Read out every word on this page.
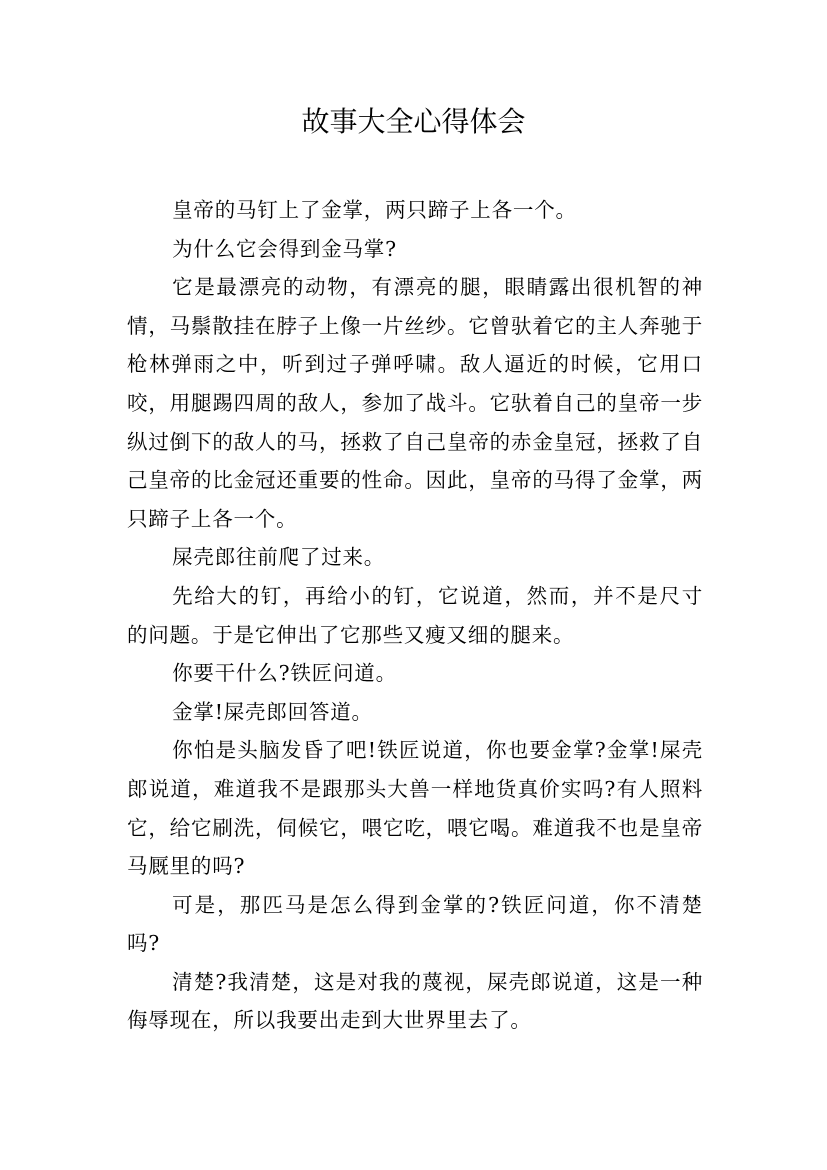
故事大全心得体会

皇帝的马钉上了金掌，两只蹄子上各一个。

为什么它会得到金马掌?

它是最漂亮的动物，有漂亮的腿，眼睛露出很机智的神情，马鬃散挂在脖子上像一片丝纱。它曾驮着它的主人奔驰于枪林弹雨之中，听到过子弹呼啸。敌人逼近的时候，它用口咬，用腿踢四周的敌人，参加了战斗。它驮着自己的皇帝一步纵过倒下的敌人的马，拯救了自己皇帝的赤金皇冠，拯救了自己皇帝的比金冠还重要的性命。因此，皇帝的马得了金掌，两只蹄子上各一个。

屎壳郎往前爬了过来。

先给大的钉，再给小的钉，它说道，然而，并不是尺寸的问题。于是它伸出了它那些又瘦又细的腿来。

你要干什么?铁匠问道。

金掌!屎壳郎回答道。

你怕是头脑发昏了吧!铁匠说道，你也要金掌?金掌!屎壳郎说道，难道我不是跟那头大兽一样地货真价实吗?有人照料它，给它刷洗，伺候它，喂它吃，喂它喝。难道我不也是皇帝马厩里的吗?

可是，那匹马是怎么得到金掌的?铁匠问道，你不清楚吗?

清楚?我清楚，这是对我的蔑视，屎壳郎说道，这是一种侮辱现在，所以我要出走到大世界里去了。
